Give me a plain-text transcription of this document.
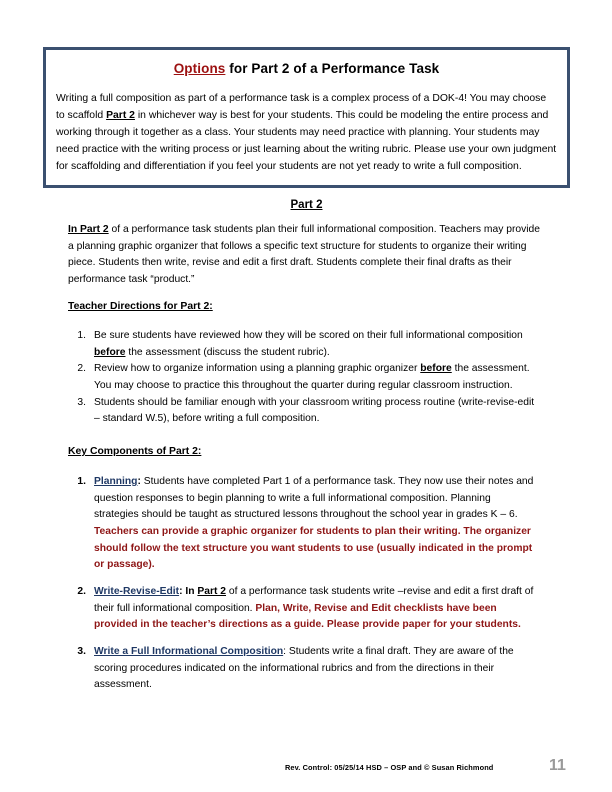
Options for Part 2 of a Performance Task
Writing a full composition as part of a performance task is a complex process of a DOK-4! You may choose to scaffold Part 2 in whichever way is best for your students. This could be modeling the entire process and working through it together as a class. Your students may need practice with planning. Your students may need practice with the writing process or just learning about the writing rubric. Please use your own judgment for scaffolding and differentiation if you feel your students are not yet ready to write a full composition.
Part 2
In Part 2 of a performance task students plan their full informational composition. Teachers may provide a planning graphic organizer that follows a specific text structure for students to organize their writing piece. Students then write, revise and edit a first draft. Students complete their final drafts as their performance task “product.”
Teacher Directions for Part 2:
1. Be sure students have reviewed how they will be scored on their full informational composition before the assessment (discuss the student rubric).
2. Review how to organize information using a planning graphic organizer before the assessment. You may choose to practice this throughout the quarter during regular classroom instruction.
3. Students should be familiar enough with your classroom writing process routine (write-revise-edit – standard W.5), before writing a full composition.
Key Components of Part 2:
1. Planning: Students have completed Part 1 of a performance task. They now use their notes and question responses to begin planning to write a full informational composition. Planning strategies should be taught as structured lessons throughout the school year in grades K – 6. Teachers can provide a graphic organizer for students to plan their writing. The organizer should follow the text structure you want students to use (usually indicated in the prompt or passage).
2. Write-Revise-Edit: In Part 2 of a performance task students write –revise and edit a first draft of their full informational composition. Plan, Write, Revise and Edit checklists have been provided in the teacher’s directions as a guide. Please provide paper for your students.
3. Write a Full Informational Composition: Students write a final draft. They are aware of the scoring procedures indicated on the informational rubrics and from the directions in their assessment.
Rev. Control: 05/25/14 HSD – OSP and © Susan Richmond	11
